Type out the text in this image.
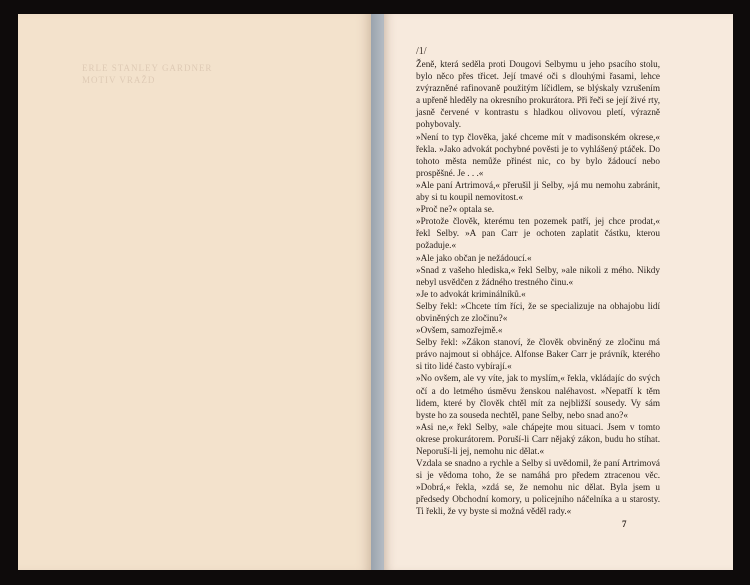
ERLE STANLEY GARDNER
MOTIV VRAŽD
/1/

Ženě, která seděla proti Dougovi Selbymu u jeho psacího stolu, bylo něco přes třicet. Její tmavé oči s dlouhými řasami, lehce zvýrazněné rafinovaně použitým líčidlem, se blýskaly vzrušením a upřeně hleděly na okresního prokurátora. Při řeči se její živé rty, jasně červené v kontrastu s hladkou olivovou pletí, výrazně pohybovaly.

»Není to typ člověka, jaké chceme mít v madisonském okrese,« řekla. »Jako advokát pochybné pověsti je to vyhlášený ptáček. Do tohoto města nemůže přinést nic, co by bylo žádoucí nebo prospěšné. Je . . .«

»Ale paní Artrimová,« přerušil ji Selby, »já mu nemohu zabránit, aby si tu koupil nemovitost.«

»Proč ne?« optala se.

»Protože člověk, kterému ten pozemek patří, jej chce prodat,« řekl Selby. »A pan Carr je ochoten zaplatit částku, kterou požaduje.«

»Ale jako občan je nežádoucí.«

»Snad z vašeho hlediska,« řekl Selby, »ale nikoli z mého. Nikdy nebyl usvědčen z žádného trestného činu.«

»Je to advokát kriminálníků.«

Selby řekl: »Chcete tím říci, že se specializuje na obhajobu lidí obviněných ze zločinu?«

»Ovšem, samozřejmě.«

Selby řekl: »Zákon stanoví, že člověk obviněný ze zločinu má právo najmout si obhájce. Alfonse Baker Carr je právník, kterého si tito lidé často vybírají.«

»No ovšem, ale vy víte, jak to myslím,« řekla, vkládajíc do svých očí a do letmého úsměvu ženskou naléhavost. »Nepatří k těm lidem, které by člověk chtěl mít za nejbližší sousedy. Vy sám byste ho za souseda nechtěl, pane Selby, nebo snad ano?«

»Asi ne,« řekl Selby, »ale chápejte mou situaci. Jsem v tomto okrese prokurátorem. Poruší-li Carr nějaký zákon, budu ho stíhat. Neporuší-li jej, nemohu nic dělat.«

Vzdala se snadno a rychle a Selby si uvědomil, že paní Artrimová si je vědoma toho, že se namáhá pro předem ztracenou věc. »Dobrá,« řekla, »zdá se, že nemohu nic dělat. Byla jsem u předsedy Obchodní komory, u policejního náčelníka a u starosty. Ti řekli, že vy byste si možná věděl rady.«

7
